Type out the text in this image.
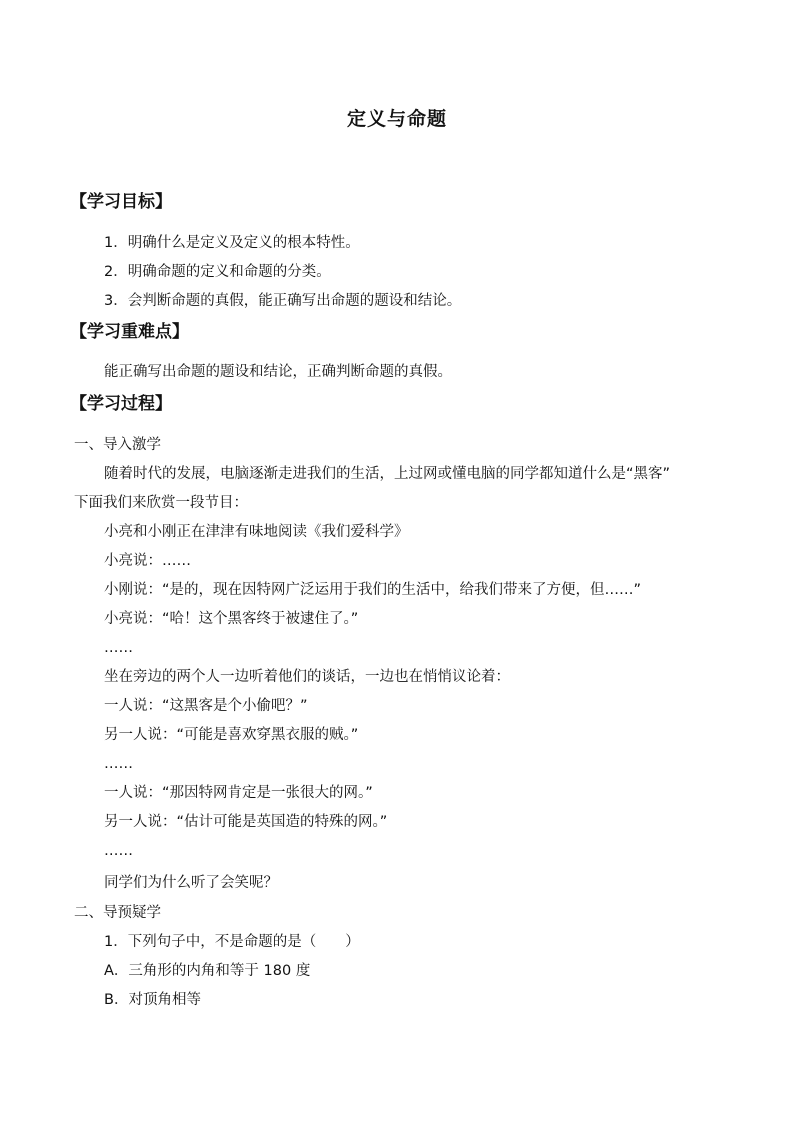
定义与命题
【学习目标】
1．明确什么是定义及定义的根本特性。
2．明确命题的定义和命题的分类。
3．会判断命题的真假，能正确写出命题的题设和结论。
【学习重难点】
能正确写出命题的题设和结论，正确判断命题的真假。
【学习过程】
一、导入激学
随着时代的发展，电脑逐渐走进我们的生活，上过网或懂电脑的同学都知道什么是“黑客”
下面我们来欣赏一段节目：
小亮和小刚正在津津有味地阅读《我们爱科学》
小亮说：……
小刚说：“是的，现在因特网广泛运用于我们的生活中，给我们带来了方便，但……”
小亮说：“哈！这个黑客终于被逮住了。”
……
坐在旁边的两个人一边听着他们的谈话，一边也在悄悄议论着：
一人说：“这黑客是个小偷吧？”
另一人说：“可能是喜欢穿黑衣服的贼。”
……
一人说：“那因特网肯定是一张很大的网。”
另一人说：“估计可能是英国造的特殊的网。”
……
同学们为什么听了会笑呢？
二、导预疑学
1．下列句子中，不是命题的是（　　）
A．三角形的内角和等于 180 度
B．对顶角相等
